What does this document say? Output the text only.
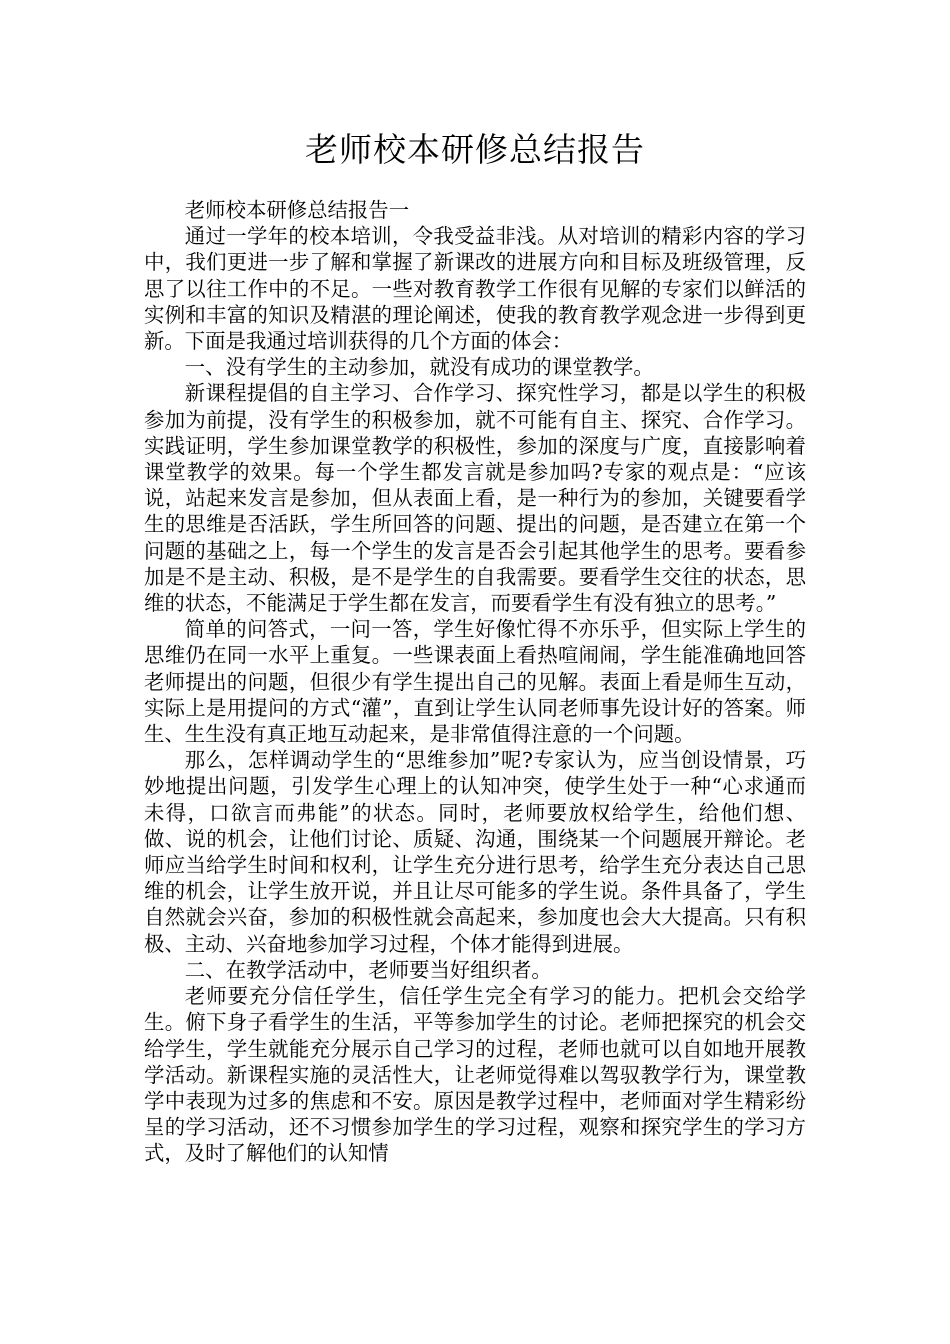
老师校本研修总结报告

老师校本研修总结报告一

通过一学年的校本培训，令我受益非浅。从对培训的精彩内容的学习中，我们更进一步了解和掌握了新课改的进展方向和目标及班级管理，反思了以往工作中的不足。一些对教育教学工作很有见解的专家们以鲜活的实例和丰富的知识及精湛的理论阐述，使我的教育教学观念进一步得到更新。下面是我通过培训获得的几个方面的体会：

一、没有学生的主动参加，就没有成功的课堂教学。

新课程提倡的自主学习、合作学习、探究性学习，都是以学生的积极参加为前提，没有学生的积极参加，就不可能有自主、探究、合作学习。实践证明，学生参加课堂教学的积极性，参加的深度与广度，直接影响着课堂教学的效果。每一个学生都发言就是参加吗?专家的观点是：“应该说，站起来发言是参加，但从表面上看，是一种行为的参加，关键要看学生的思维是否活跃，学生所回答的问题、提出的问题，是否建立在第一个问题的基础之上，每一个学生的发言是否会引起其他学生的思考。要看参加是不是主动、积极，是不是学生的自我需要。要看学生交往的状态，思维的状态，不能满足于学生都在发言，而要看学生有没有独立的思考。”

简单的问答式，一问一答，学生好像忙得不亦乐乎，但实际上学生的思维仍在同一水平上重复。一些课表面上看热喧闹闹，学生能准确地回答老师提出的问题，但很少有学生提出自己的见解。表面上看是师生互动，实际上是用提问的方式“灌”，直到让学生认同老师事先设计好的答案。师生、生生没有真正地互动起来，是非常值得注意的一个问题。

那么，怎样调动学生的“思维参加”呢?专家认为，应当创设情景，巧妙地提出问题，引发学生心理上的认知冲突，使学生处于一种“心求通而未得，口欲言而弗能”的状态。同时，老师要放权给学生，给他们想、做、说的机会，让他们讨论、质疑、沟通，围绕某一个问题展开辩论。老师应当给学生时间和权利，让学生充分进行思考，给学生充分表达自己思维的机会，让学生放开说，并且让尽可能多的学生说。条件具备了，学生自然就会兴奋，参加的积极性就会高起来，参加度也会大大提高。只有积极、主动、兴奋地参加学习过程，个体才能得到进展。

二、在教学活动中，老师要当好组织者。

老师要充分信任学生，信任学生完全有学习的能力。把机会交给学生。俯下身子看学生的生活，平等参加学生的讨论。老师把探究的机会交给学生，学生就能充分展示自己学习的过程，老师也就可以自如地开展教学活动。新课程实施的灵活性大，让老师觉得难以驾驭教学行为，课堂教学中表现为过多的焦虑和不安。原因是教学过程中，老师面对学生精彩纷呈的学习活动，还不习惯参加学生的学习过程，观察和探究学生的学习方式，及时了解他们的认知情
